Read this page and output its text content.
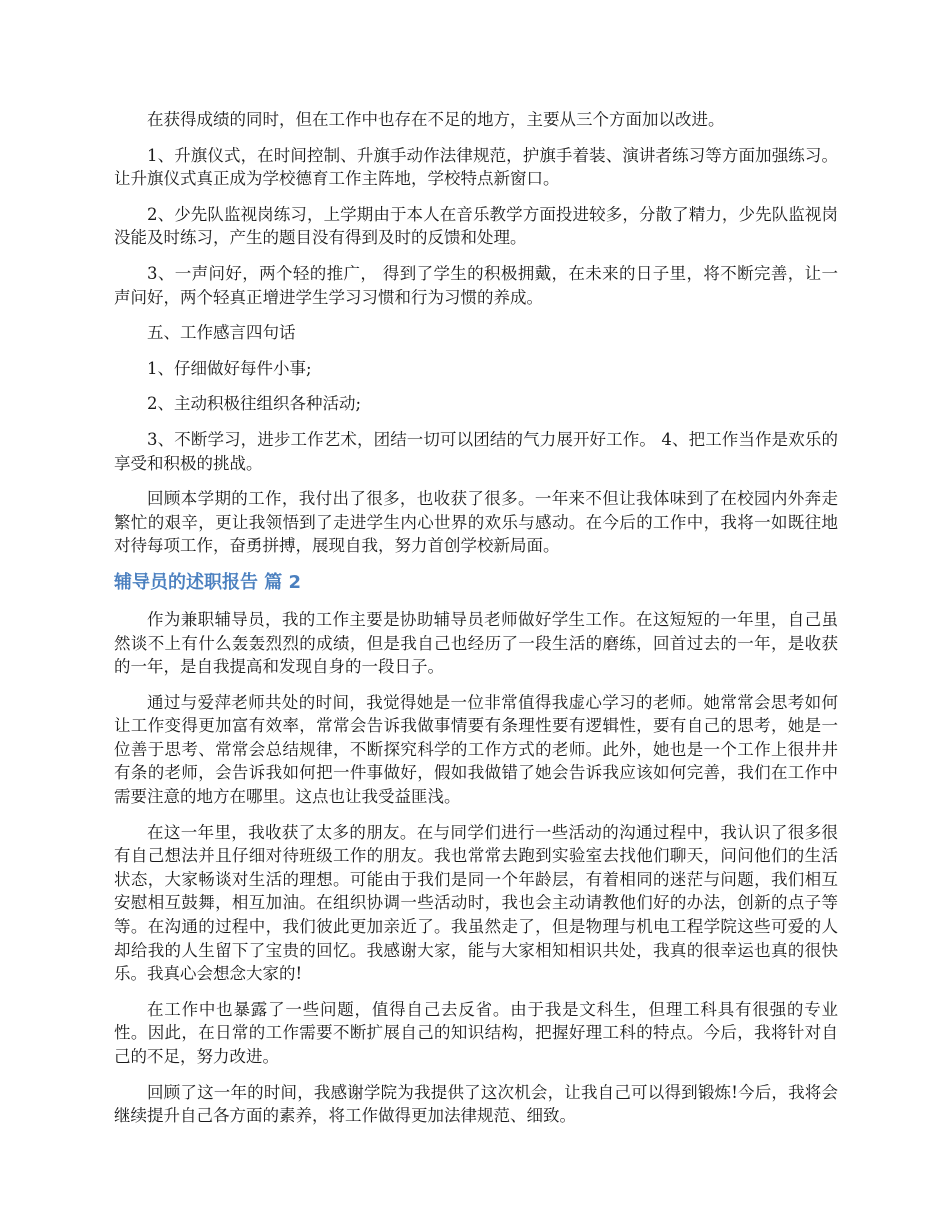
在获得成绩的同时，但在工作中也存在不足的地方，主要从三个方面加以改进。

1、升旗仪式，在时间控制、升旗手动作法律规范，护旗手着装、演讲者练习等方面加强练习。让升旗仪式真正成为学校德育工作主阵地，学校特点新窗口。

2、少先队监视岗练习，上学期由于本人在音乐教学方面投进较多，分散了精力，少先队监视岗没能及时练习，产生的题目没有得到及时的反馈和处理。

3、一声问好，两个轻的推广， 得到了学生的积极拥戴，在未来的日子里，将不断完善，让一声问好，两个轻真正增进学生学习习惯和行为习惯的养成。

五、工作感言四句话

1、仔细做好每件小事;

2、主动积极往组织各种活动;

3、不断学习，进步工作艺术，团结一切可以团结的气力展开好工作。 4、把工作当作是欢乐的享受和积极的挑战。

回顾本学期的工作，我付出了很多，也收获了很多。一年来不但让我体味到了在校园内外奔走繁忙的艰辛，更让我领悟到了走进学生内心世界的欢乐与感动。在今后的工作中，我将一如既往地对待每项工作，奋勇拼搏，展现自我，努力首创学校新局面。

辅导员的述职报告 篇 2

作为兼职辅导员，我的工作主要是协助辅导员老师做好学生工作。在这短短的一年里，自己虽然谈不上有什么轰轰烈烈的成绩，但是我自己也经历了一段生活的磨练，回首过去的一年，是收获的一年，是自我提高和发现自身的一段日子。

通过与爱萍老师共处的时间，我觉得她是一位非常值得我虚心学习的老师。她常常会思考如何让工作变得更加富有效率，常常会告诉我做事情要有条理性要有逻辑性，要有自己的思考，她是一位善于思考、常常会总结规律，不断探究科学的工作方式的老师。此外，她也是一个工作上很井井有条的老师，会告诉我如何把一件事做好，假如我做错了她会告诉我应该如何完善，我们在工作中需要注意的地方在哪里。这点也让我受益匪浅。

在这一年里，我收获了太多的朋友。在与同学们进行一些活动的沟通过程中，我认识了很多很有自己想法并且仔细对待班级工作的朋友。我也常常去跑到实验室去找他们聊天，问问他们的生活状态，大家畅谈对生活的理想。可能由于我们是同一个年龄层，有着相同的迷茫与问题，我们相互安慰相互鼓舞，相互加油。在组织协调一些活动时，我也会主动请教他们好的办法，创新的点子等等。在沟通的过程中，我们彼此更加亲近了。我虽然走了，但是物理与机电工程学院这些可爱的人却给我的人生留下了宝贵的回忆。我感谢大家，能与大家相知相识共处，我真的很幸运也真的很快乐。我真心会想念大家的!

在工作中也暴露了一些问题，值得自己去反省。由于我是文科生，但理工科具有很强的专业性。因此，在日常的工作需要不断扩展自己的知识结构，把握好理工科的特点。今后，我将针对自己的不足，努力改进。

回顾了这一年的时间，我感谢学院为我提供了这次机会，让我自己可以得到锻炼!今后，我将会继续提升自己各方面的素养，将工作做得更加法律规范、细致。
